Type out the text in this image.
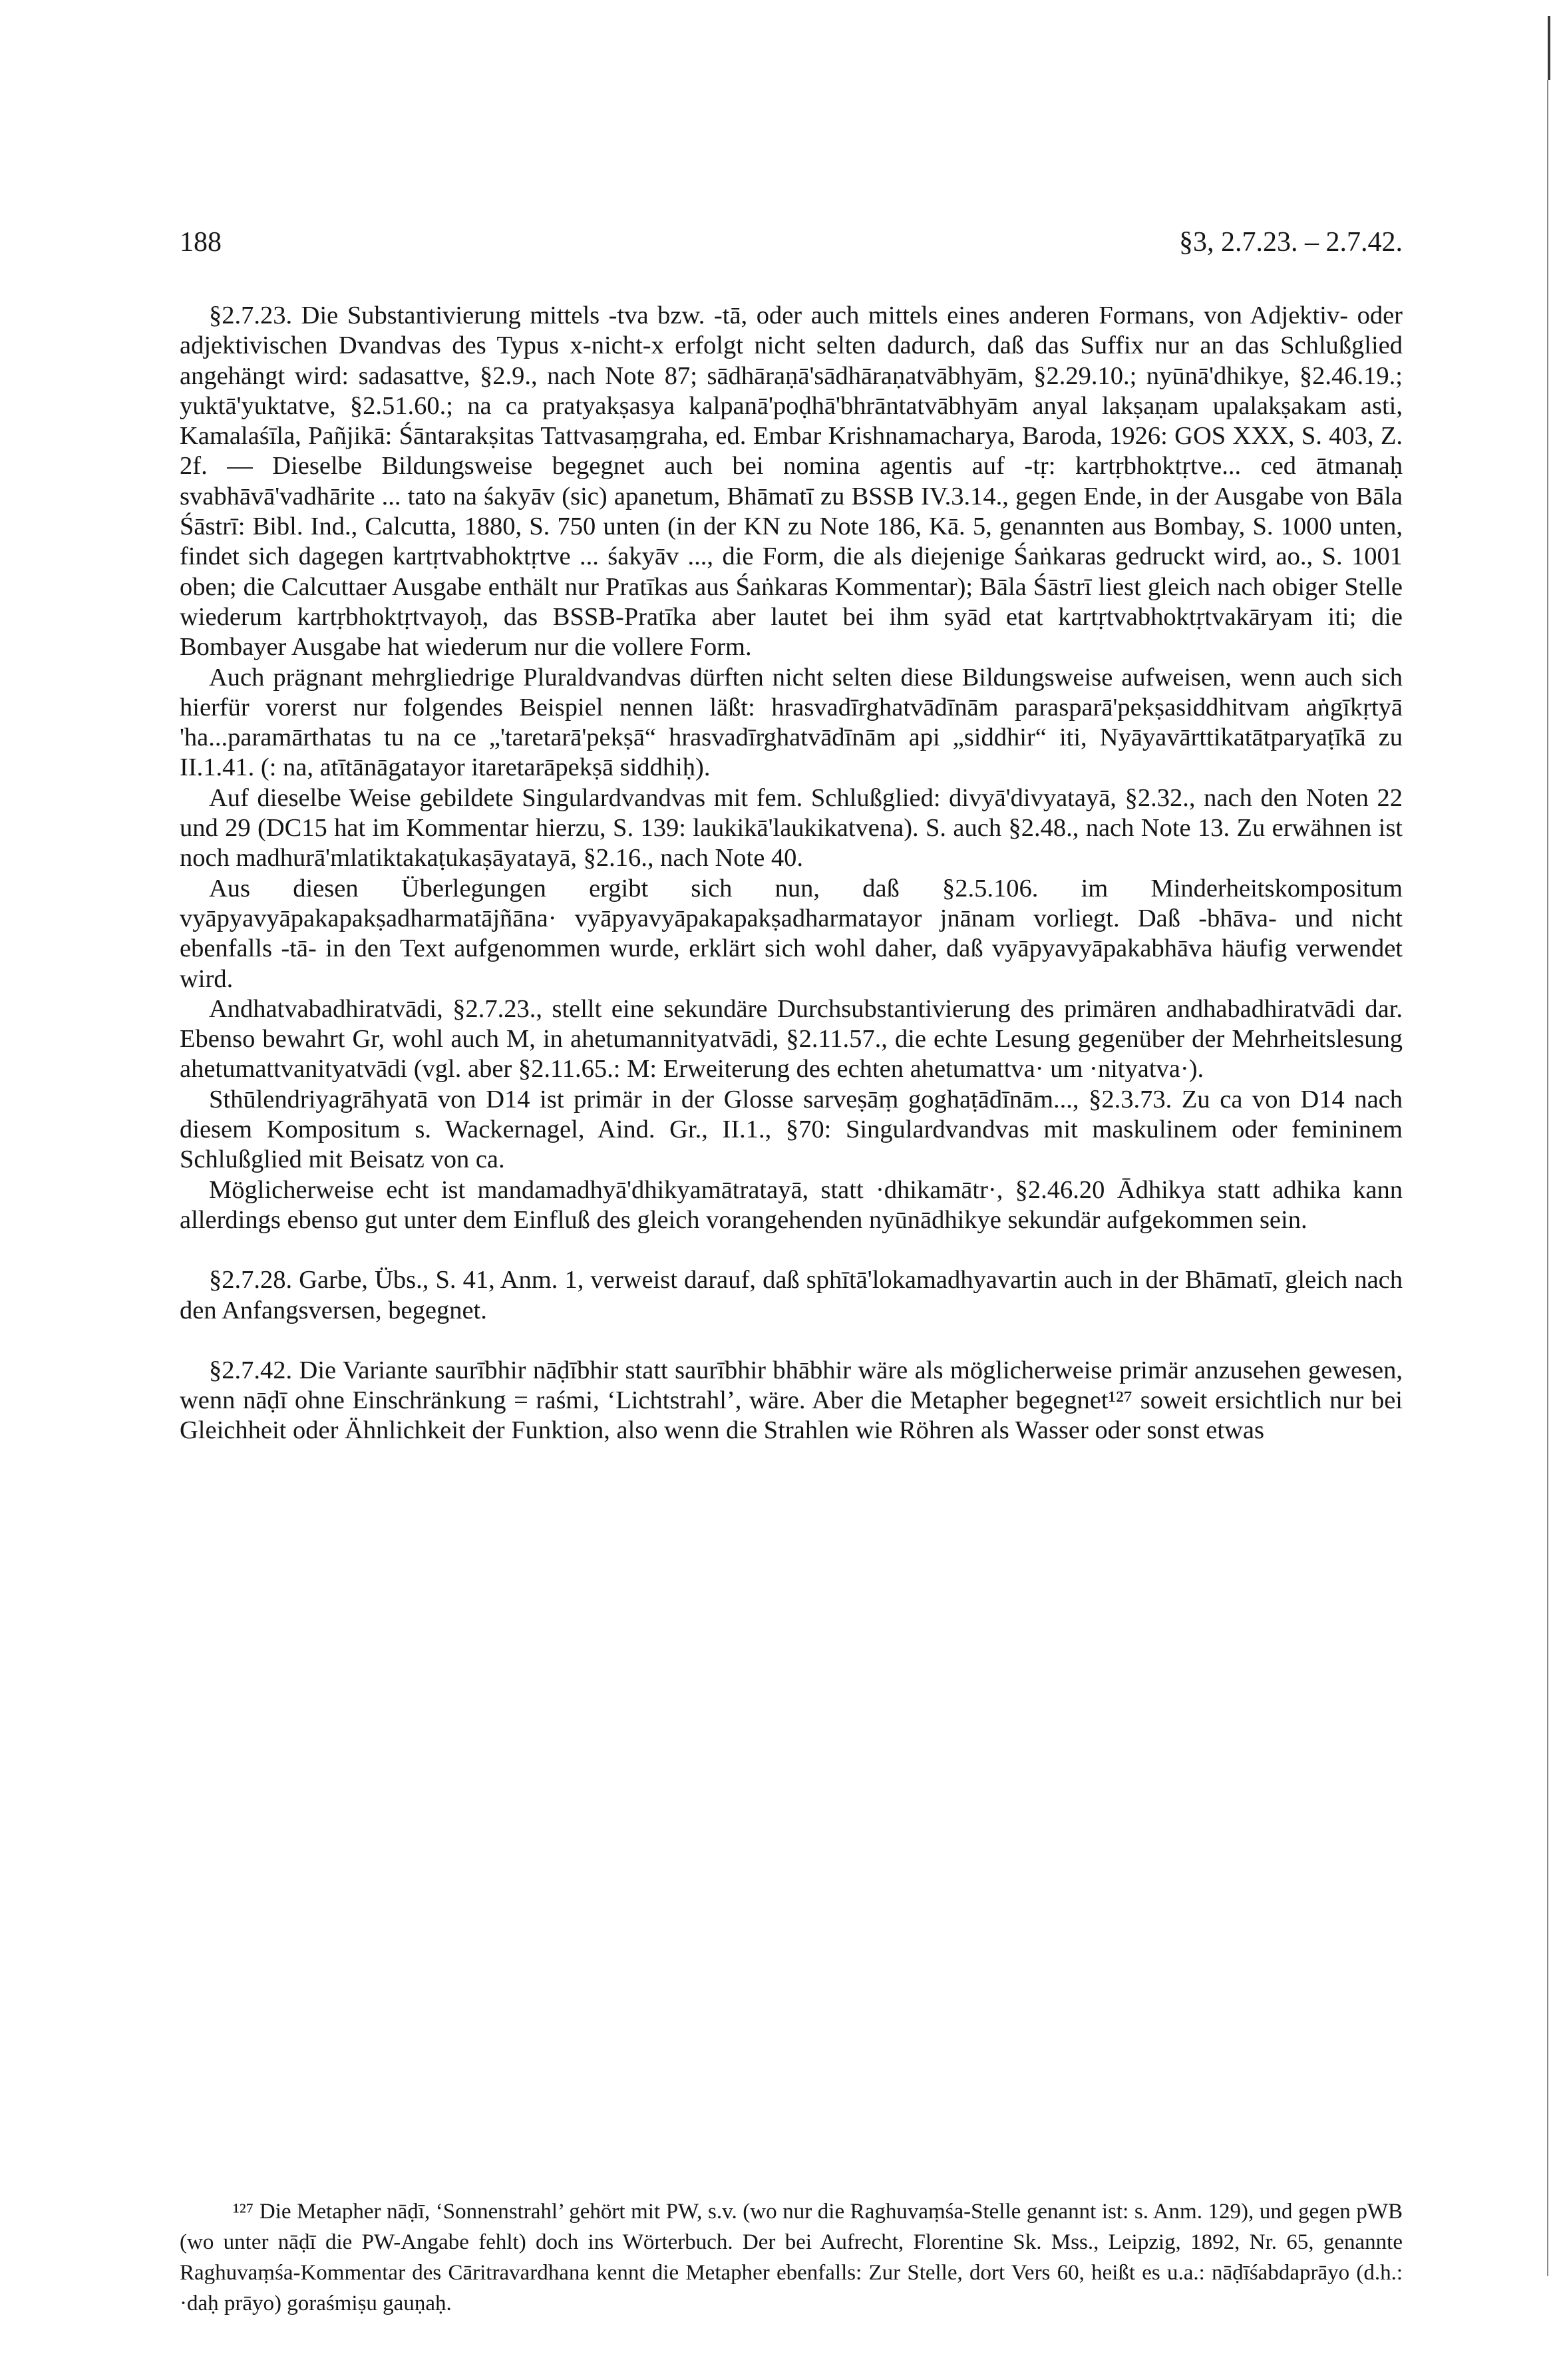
188	§3, 2.7.23. – 2.7.42.

§2.7.23. Die Substantivierung mittels -tva bzw. -tā, oder auch mittels eines anderen Formans, von Adjektiv- oder adjektivischen Dvandvas des Typus x-nicht-x erfolgt nicht selten dadurch, daß das Suffix nur an das Schlußglied angehängt wird: sadasattve, §2.9., nach Note 87; sādhāraṇā'sādhāraṇatvābhyām, §2.29.10.; nyūnā'dhikye, §2.46.19.; yuktā'yuktatve, §2.51.60.; na ca pratyakṣasya kalpanā'poḍhā'bhrāntatvābhyām anyal lakṣaṇam upalakṣakam asti, Kamalaśīla, Pañjikā: Śāntarakṣitas Tattvasaṃgraha, ed. Embar Krishnamacharya, Baroda, 1926: GOS XXX, S. 403, Z. 2f. — Dieselbe Bildungsweise begegnet auch bei nomina agentis auf -tṛ: kartṛbhoktṛtve... ced ātmanaḥ svabhāvā'vadhārite ... tato na śakyāv (sic) apanetum, Bhāmatī zu BSSB IV.3.14., gegen Ende, in der Ausgabe von Bāla Śāstrī: Bibl. Ind., Calcutta, 1880, S. 750 unten (in der KN zu Note 186, Kā. 5, genannten aus Bombay, S. 1000 unten, findet sich dagegen kartṛtvabhoktṛtve ... śakyāv ..., die Form, die als diejenige Śaṅkaras gedruckt wird, ao., S. 1001 oben; die Calcuttaer Ausgabe enthält nur Pratīkas aus Śaṅkaras Kommentar); Bāla Śāstrī liest gleich nach obiger Stelle wiederum kartṛbhoktṛtvayoḥ, das BSSB-Pratīka aber lautet bei ihm syād etat kartṛtvabhoktṛtvakāryam iti; die Bombayer Ausgabe hat wiederum nur die vollere Form.

Auch prägnant mehrgliedrige Pluraldvandvas dürften nicht selten diese Bildungsweise aufweisen, wenn auch sich hierfür vorerst nur folgendes Beispiel nennen läßt: hrasvadīrghatvādīnām parasparā'pekṣasiddhitvam aṅgīkṛtyā 'ha...paramārthatas tu na ce „'taretarā'pekṣā“ hrasvadīrghatvādīnām api „siddhir“ iti, Nyāyavārttikatātparyaṭīkā zu II.1.41. (: na, atītānāgatayor itaretarāpekṣā siddhiḥ).

Auf dieselbe Weise gebildete Singulardvandvas mit fem. Schlußglied: divyā'divyatayā, §2.32., nach den Noten 22 und 29 (DC15 hat im Kommentar hierzu, S. 139: laukikā'laukikatvena). S. auch §2.48., nach Note 13. Zu erwähnen ist noch madhurā'mlatiktakaṭukaṣāyatayā, §2.16., nach Note 40.

Aus diesen Überlegungen ergibt sich nun, daß §2.5.106. im Minderheitskompositum vyāpyavyāpakapakṣadharmatājñāna· vyāpyavyāpakapakṣadharmatayor jnānam vorliegt. Daß -bhāva- und nicht ebenfalls -tā- in den Text aufgenommen wurde, erklärt sich wohl daher, daß vyāpyavyāpakabhāva häufig verwendet wird.

Andhatvabadhiratvādi, §2.7.23., stellt eine sekundäre Durchsubstantivierung des primären andhabadhiratvādi dar. Ebenso bewahrt Gr, wohl auch M, in ahetumannityatvādi, §2.11.57., die echte Lesung gegenüber der Mehrheitslesung ahetumattvanityatvādi (vgl. aber §2.11.65.: M: Erweiterung des echten ahetumattva· um ·nityatva·).

Sthūlendriyagrāhyatā von D14 ist primär in der Glosse sarveṣāṃ goghaṭādīnām..., §2.3.73. Zu ca von D14 nach diesem Kompositum s. Wackernagel, Aind. Gr., II.1., §70: Singulardvandvas mit maskulinem oder femininem Schlußglied mit Beisatz von ca.

Möglicherweise echt ist mandamadhyā'dhikyamātratayā, statt ·dhikamātr·, §2.46.20 Ādhikya statt adhika kann allerdings ebenso gut unter dem Einfluß des gleich vorangehenden nyūnādhikye sekundär aufgekommen sein.

§2.7.28. Garbe, Übs., S. 41, Anm. 1, verweist darauf, daß sphītā'lokamadhyavartin auch in der Bhāmatī, gleich nach den Anfangsversen, begegnet.

§2.7.42. Die Variante saurībhir nāḍībhir statt saurībhir bhābhir wäre als möglicherweise primär anzusehen gewesen, wenn nāḍī ohne Einschränkung = raśmi, ‘Lichtstrahl’, wäre. Aber die Metapher begegnet¹²⁷ soweit ersichtlich nur bei Gleichheit oder Ähnlichkeit der Funktion, also wenn die Strahlen wie Röhren als Wasser oder sonst etwas

¹²⁷ Die Metapher nāḍī, ‘Sonnenstrahl’ gehört mit PW, s.v. (wo nur die Raghuvaṃśa-Stelle genannt ist: s. Anm. 129), und gegen pWB (wo unter nāḍī die PW-Angabe fehlt) doch ins Wörterbuch. Der bei Aufrecht, Florentine Sk. Mss., Leipzig, 1892, Nr. 65, genannte Raghuvaṃśa-Kommentar des Cāritravardhana kennt die Metapher ebenfalls: Zur Stelle, dort Vers 60, heißt es u.a.: nāḍīśabdaprāyo (d.h.: ·daḥ prāyo) goraśmiṣu gauṇaḥ.
